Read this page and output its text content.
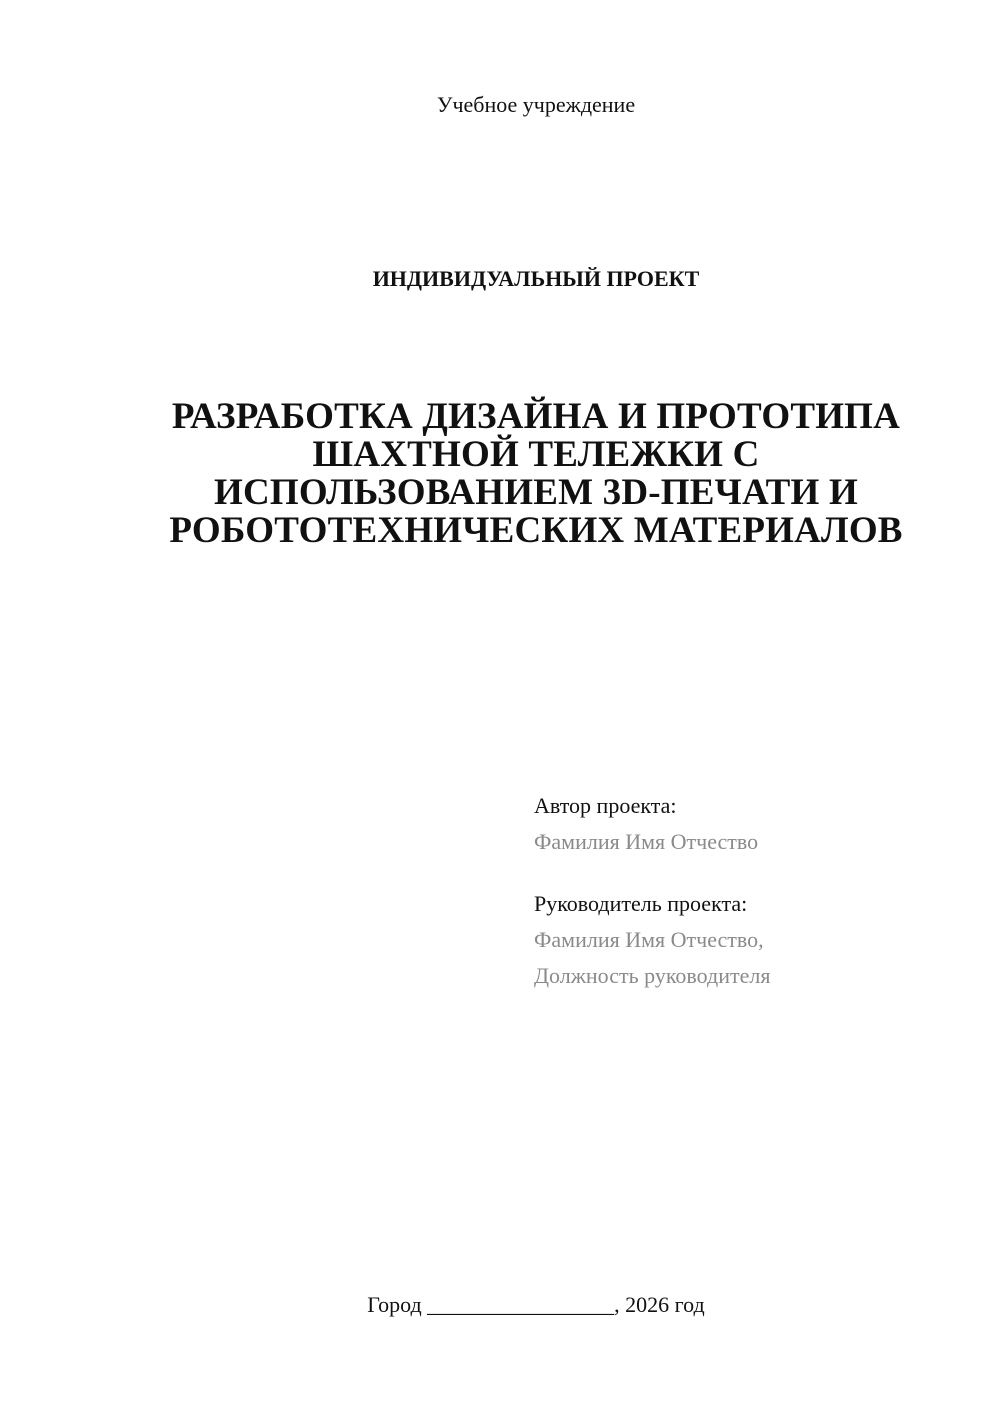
Учебное учреждение
ИНДИВИДУАЛЬНЫЙ ПРОЕКТ
РАЗРАБОТКА ДИЗАЙНА И ПРОТОТИПА
ШАХТНОЙ ТЕЛЕЖКИ С
ИСПОЛЬЗОВАНИЕМ 3D-ПЕЧАТИ И
РОБОТОТЕХНИЧЕСКИХ МАТЕРИАЛОВ
Автор проекта:
Фамилия Имя Отчество
Руководитель проекта:
Фамилия Имя Отчество,
Должность руководителя
Город _________________, 2026 год
